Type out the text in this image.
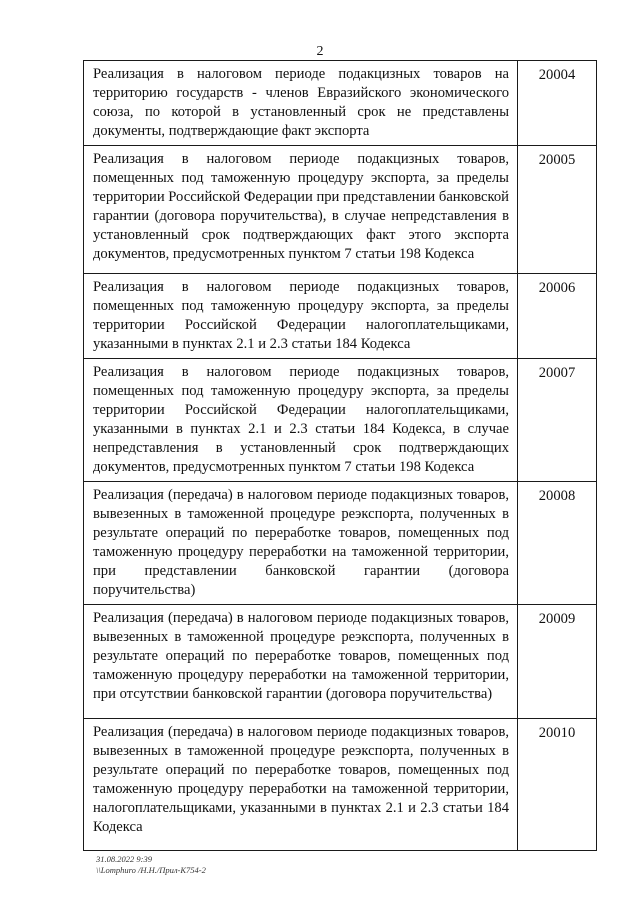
2
Реализация в налоговом периоде подакцизных товаров на территорию государств - членов Евразийского экономического союза, по которой в установленный срок не представлены документы, подтверждающие факт экспорта	20004
Реализация в налоговом периоде подакцизных товаров, помещенных под таможенную процедуру экспорта, за пределы территории Российской Федерации при представлении банковской гарантии (договора поручительства), в случае непредставления в установленный срок подтверждающих факт этого экспорта документов, предусмотренных пунктом 7 статьи 198 Кодекса	20005
Реализация в налоговом периоде подакцизных товаров, помещенных под таможенную процедуру экспорта, за пределы территории Российской Федерации налогоплательщиками, указанными в пунктах 2.1 и 2.3 статьи 184 Кодекса	20006
Реализация в налоговом периоде подакцизных товаров, помещенных под таможенную процедуру экспорта, за пределы территории Российской Федерации налогоплательщиками, указанными в пунктах 2.1 и 2.3 статьи 184 Кодекса, в случае непредставления в установленный срок подтверждающих документов, предусмотренных пунктом 7 статьи 198 Кодекса	20007
Реализация (передача) в налоговом периоде подакцизных товаров, вывезенных в таможенной процедуре реэкспорта, полученных в результате операций по переработке товаров, помещенных под таможенную процедуру переработки на таможенной территории, при представлении банковской гарантии (договора поручительства)	20008
Реализация (передача) в налоговом периоде подакцизных товаров, вывезенных в таможенной процедуре реэкспорта, полученных в результате операций по переработке товаров, помещенных под таможенную процедуру переработки на таможенной территории, при отсутствии банковской гарантии (договора поручительства)	20009
Реализация (передача) в налоговом периоде подакцизных товаров, вывезенных в таможенной процедуре реэкспорта, полученных в результате операций по переработке товаров, помещенных под таможенную процедуру переработки на таможенной территории, налогоплательщиками, указанными в пунктах 2.1 и 2.3 статьи 184 Кодекса	20010
31.08.2022 9:39
\\Lomphuro /Н.Н./Прил-К754-2
